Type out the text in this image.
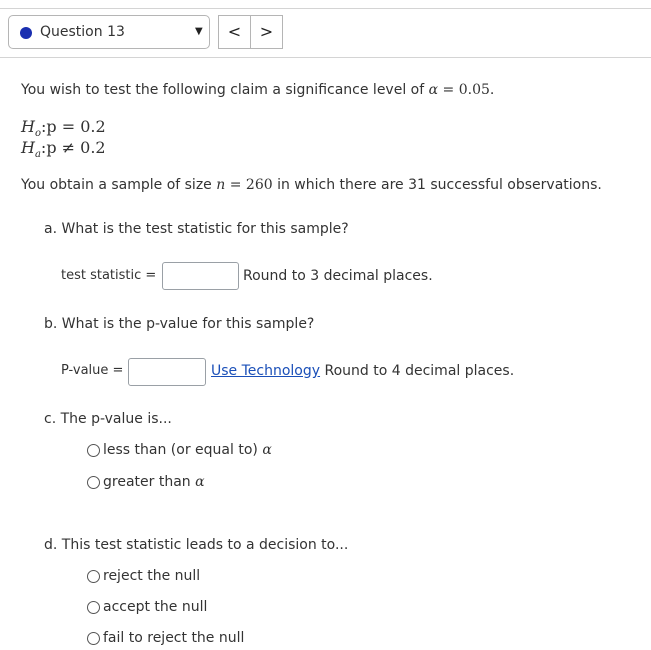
Question 13	▼	<	>
You wish to test the following claim a significance level of α = 0.05.
$H_o:p = 0.2$
$H_a:p \ne 0.2$
You obtain a sample of size n = 260 in which there are 31 successful observations.
a. What is the test statistic for this sample?
test statistic =	Round to 3 decimal places.
b. What is the p-value for this sample?
P-value =	Use Technology Round to 4 decimal places.
c. The p-value is...
less than (or equal to) α
greater than α
d. This test statistic leads to a decision to...
reject the null
accept the null
fail to reject the null
